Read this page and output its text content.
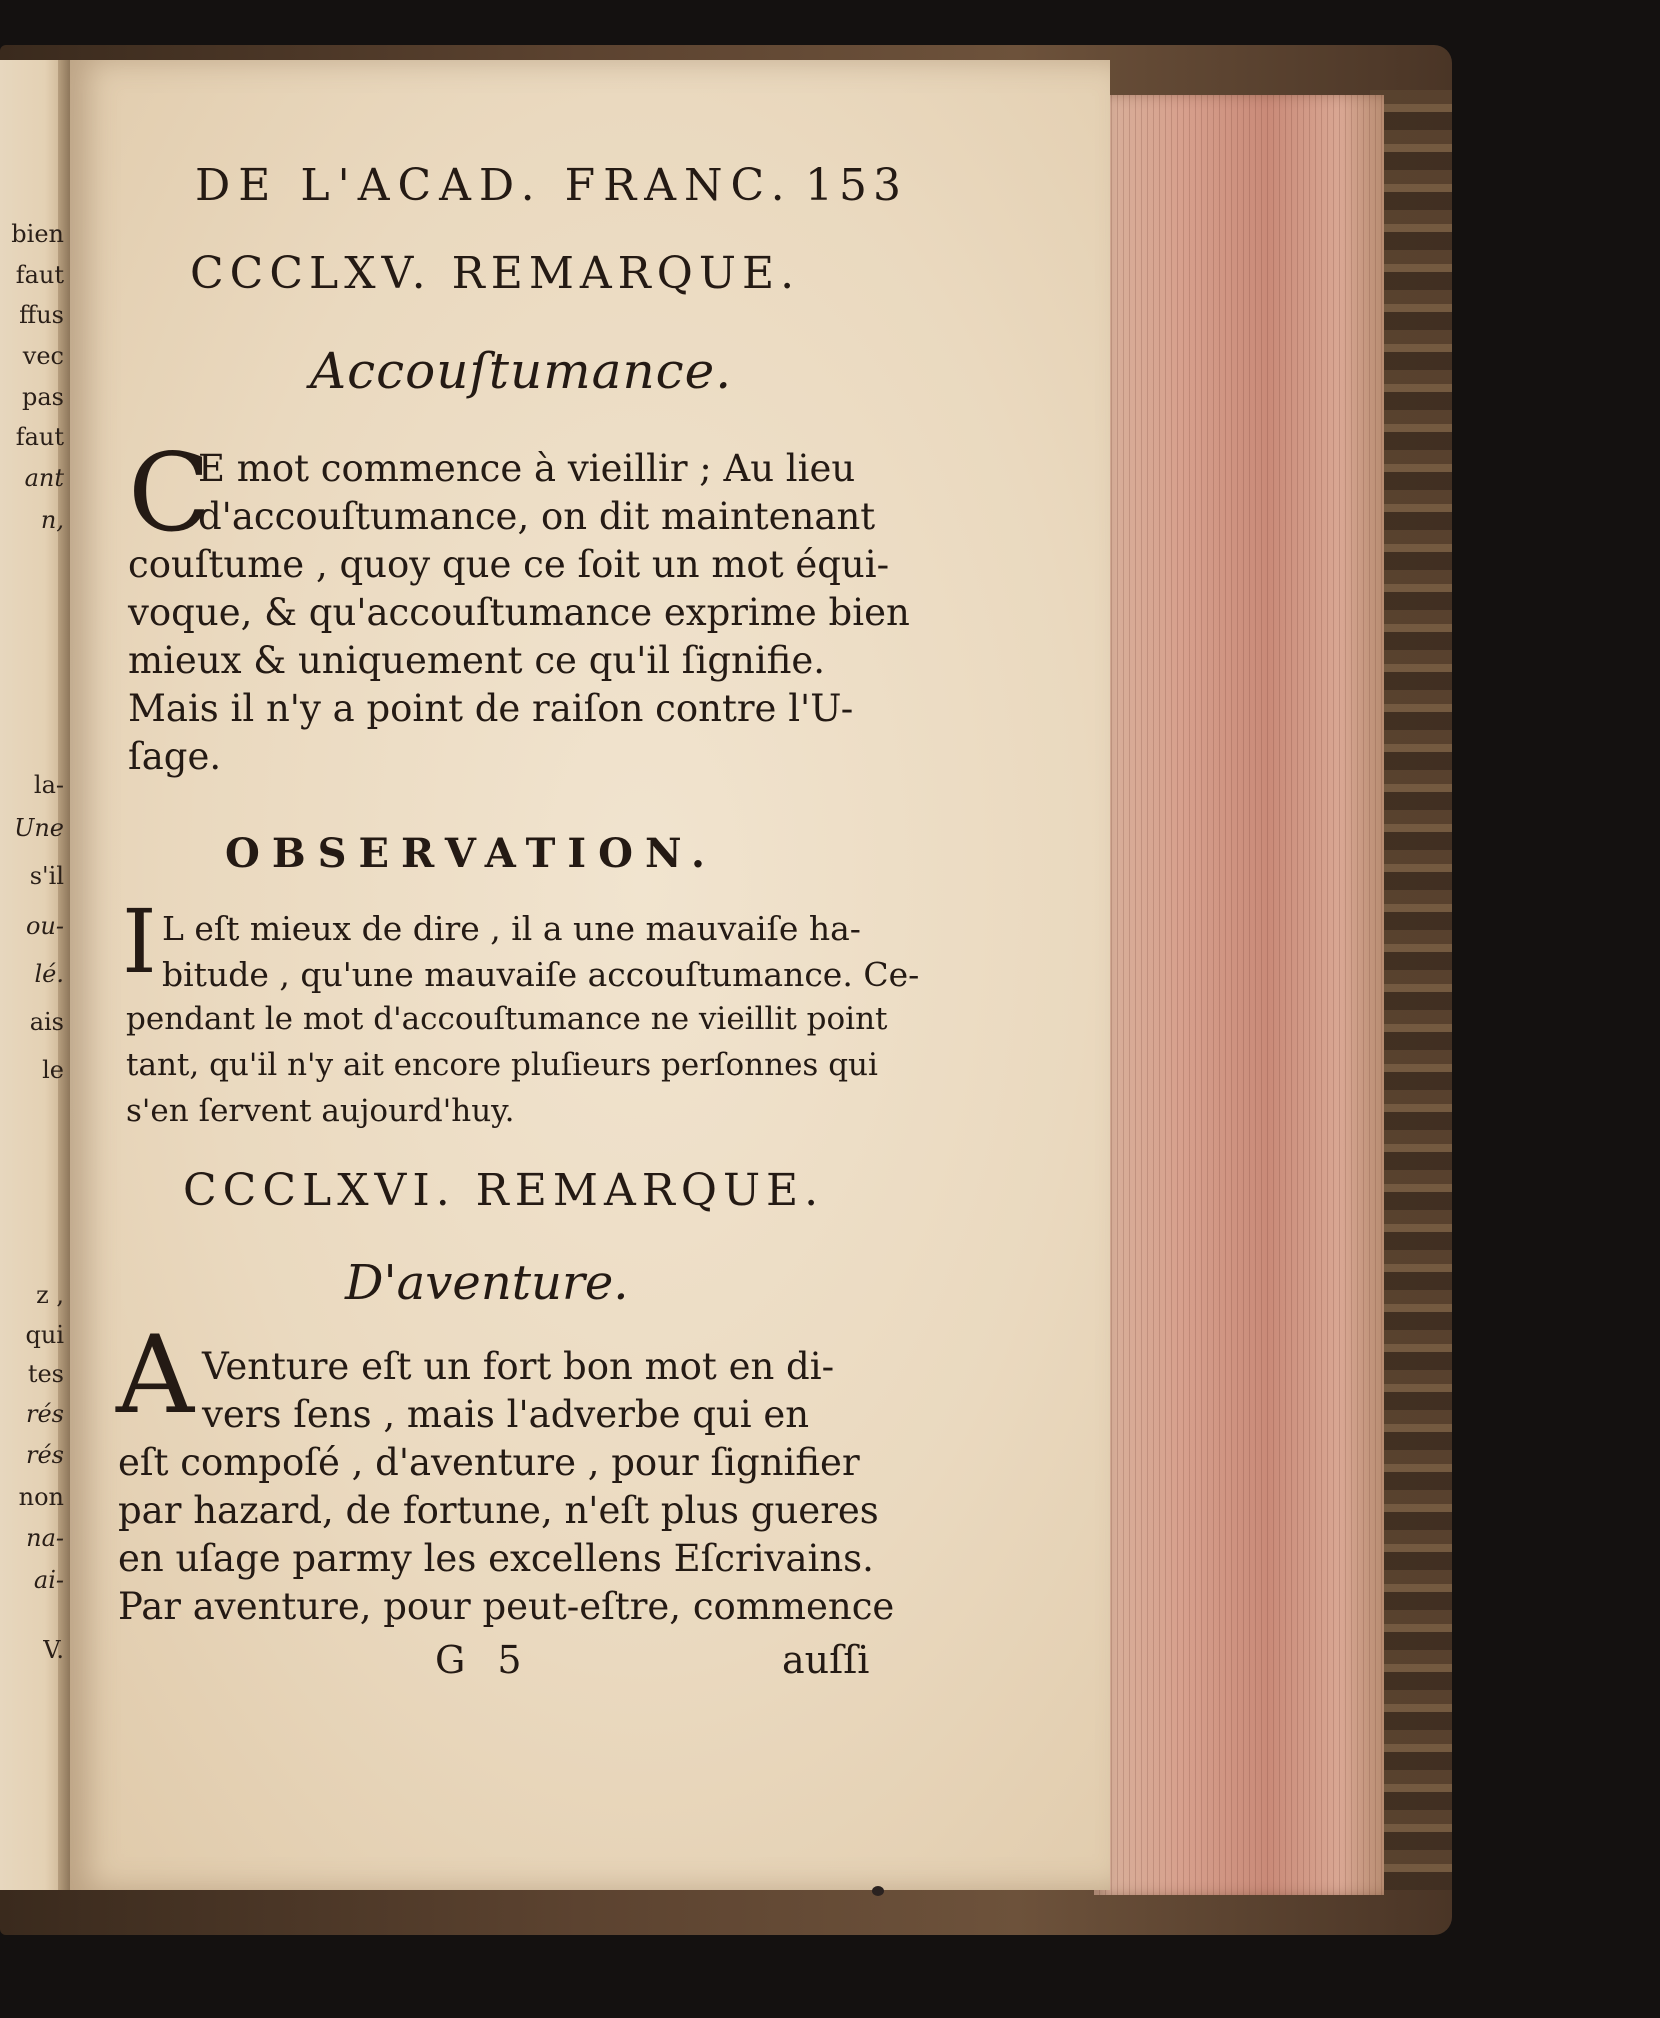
bien
faut
ffus
vec
pas
faut
ant
n,
la-
Une
s'il
ou-
lé.
ais
le
z ,
qui
tes
rés
rés
non
na-
ai-
V.
DE L'ACAD. FRANC. 153
CCCLXV. REMARQUE.
Accouſtumance.
C
E mot commence à vieillir ; Au lieu
d'accouſtumance, on dit maintenant
couſtume , quoy que ce ſoit un mot équi-
voque, & qu'accouſtumance exprime bien
mieux & uniquement ce qu'il ſignifie.
Mais il n'y a point de raiſon contre l'U-
ſage.
OBSERVATION.
I L eſt mieux de dire , il a une mauvaiſe ha-
bitude , qu'une mauvaiſe accouſtumance. Ce-
pendant le mot d'accouſtumance ne vieillit point
tant, qu'il n'y ait encore pluſieurs perſonnes qui
s'en ſervent aujourd'huy.
CCCLXVI. REMARQUE.
D'aventure.
A Venture eſt un fort bon mot en di-
vers ſens , mais l'adverbe qui en
eſt compoſé , d'aventure , pour ſignifier
par hazard, de fortune, n'eſt plus gueres
en uſage parmy les excellens Eſcrivains.
Par aventure, pour peut-eſtre, commence
G 5	auſſi
